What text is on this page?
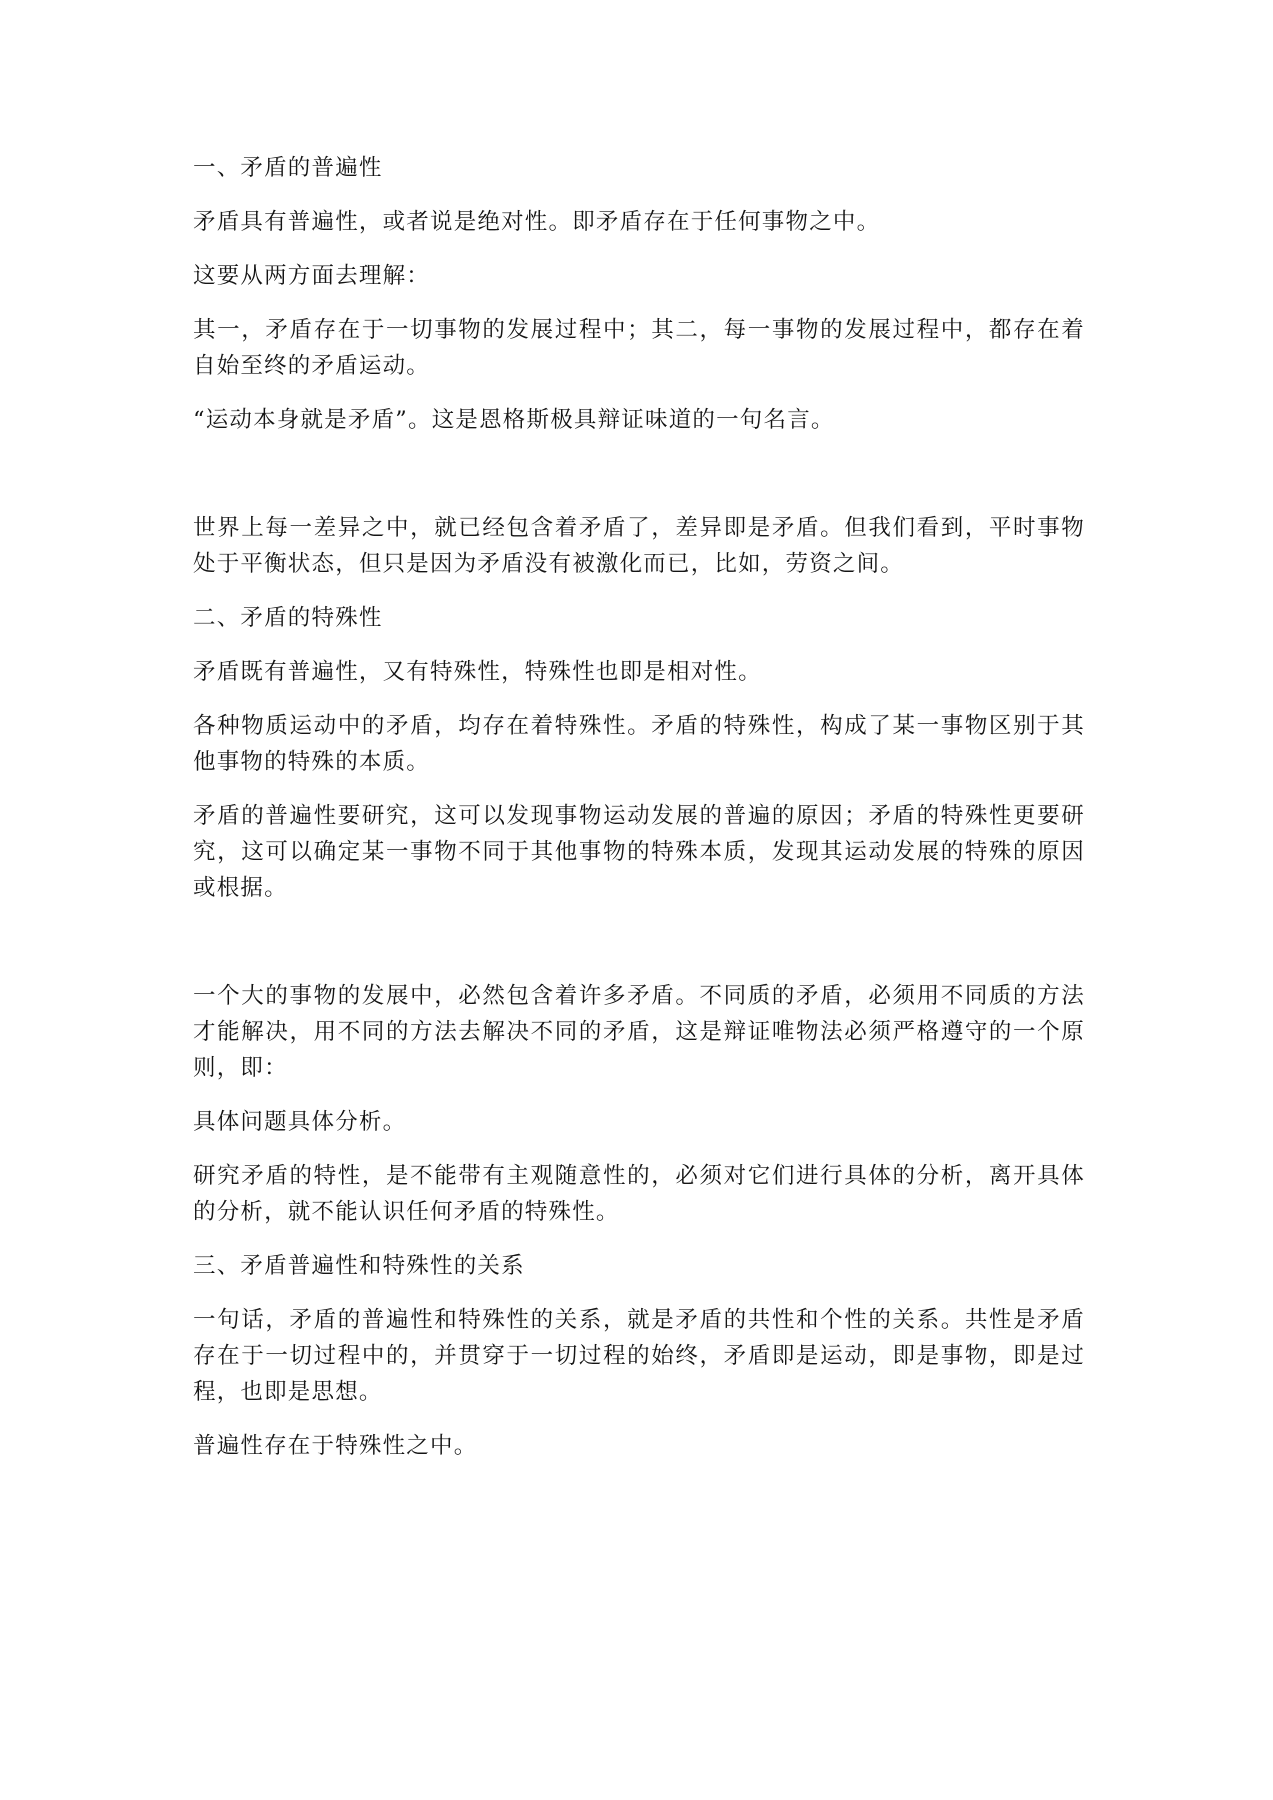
一、矛盾的普遍性

矛盾具有普遍性，或者说是绝对性。即矛盾存在于任何事物之中。

这要从两方面去理解：

其一，矛盾存在于一切事物的发展过程中；其二，每一事物的发展过程中，都存在着自始至终的矛盾运动。

“运动本身就是矛盾”。这是恩格斯极具辩证味道的一句名言。

世界上每一差异之中，就已经包含着矛盾了，差异即是矛盾。但我们看到，平时事物处于平衡状态，但只是因为矛盾没有被激化而已，比如，劳资之间。

二、矛盾的特殊性

矛盾既有普遍性，又有特殊性，特殊性也即是相对性。

各种物质运动中的矛盾，均存在着特殊性。矛盾的特殊性，构成了某一事物区别于其他事物的特殊的本质。

矛盾的普遍性要研究，这可以发现事物运动发展的普遍的原因；矛盾的特殊性更要研究，这可以确定某一事物不同于其他事物的特殊本质，发现其运动发展的特殊的原因或根据。

一个大的事物的发展中，必然包含着许多矛盾。不同质的矛盾，必须用不同质的方法才能解决，用不同的方法去解决不同的矛盾，这是辩证唯物法必须严格遵守的一个原则，即：

具体问题具体分析。

研究矛盾的特性，是不能带有主观随意性的，必须对它们进行具体的分析，离开具体的分析，就不能认识任何矛盾的特殊性。

三、矛盾普遍性和特殊性的关系

一句话，矛盾的普遍性和特殊性的关系，就是矛盾的共性和个性的关系。共性是矛盾存在于一切过程中的，并贯穿于一切过程的始终，矛盾即是运动，即是事物，即是过程，也即是思想。

普遍性存在于特殊性之中。
